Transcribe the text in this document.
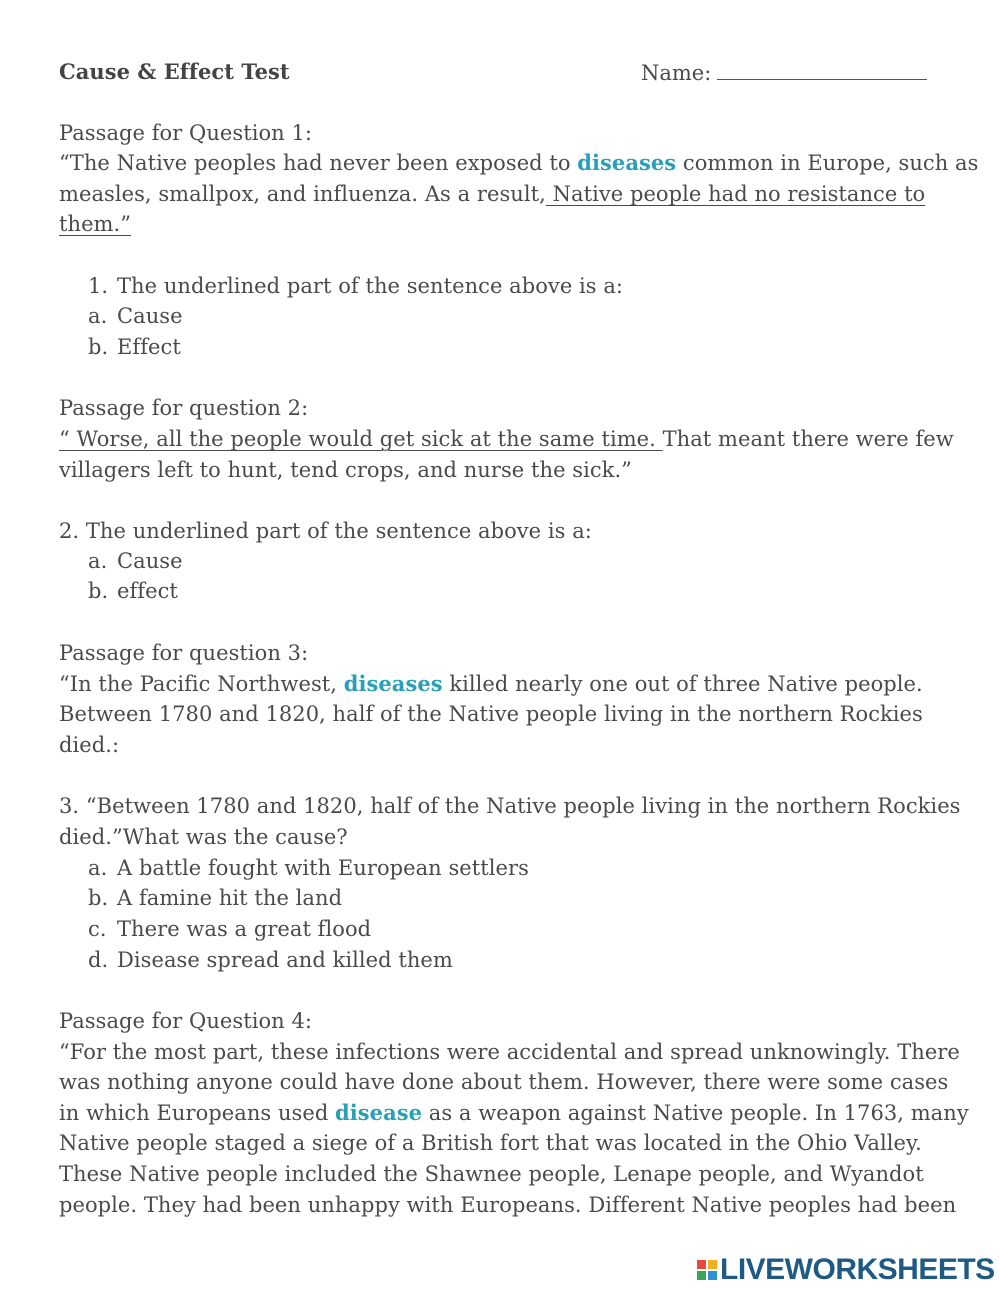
Cause & Effect Test	Name:
Passage for Question 1:
“The Native peoples had never been exposed to diseases common in Europe, such as
measles, smallpox, and influenza. As a result, Native people had no resistance to
them.”
1. The underlined part of the sentence above is a:
a. Cause
b. Effect
Passage for question 2:
“ Worse, all the people would get sick at the same time. That meant there were few
villagers left to hunt, tend crops, and nurse the sick.”
2. The underlined part of the sentence above is a:
a. Cause
b. effect
Passage for question 3:
“In the Pacific Northwest, diseases killed nearly one out of three Native people.
Between 1780 and 1820, half of the Native people living in the northern Rockies
died.:
3. “Between 1780 and 1820, half of the Native people living in the northern Rockies
died.”What was the cause?
a. A battle fought with European settlers
b. A famine hit the land
c. There was a great flood
d. Disease spread and killed them
Passage for Question 4:
“For the most part, these infections were accidental and spread unknowingly. There
was nothing anyone could have done about them. However, there were some cases
in which Europeans used disease as a weapon against Native people. In 1763, many
Native people staged a siege of a British fort that was located in the Ohio Valley.
These Native people included the Shawnee people, Lenape people, and Wyandot
people. They had been unhappy with Europeans. Different Native peoples had been
LIVEWORKSHEETS
